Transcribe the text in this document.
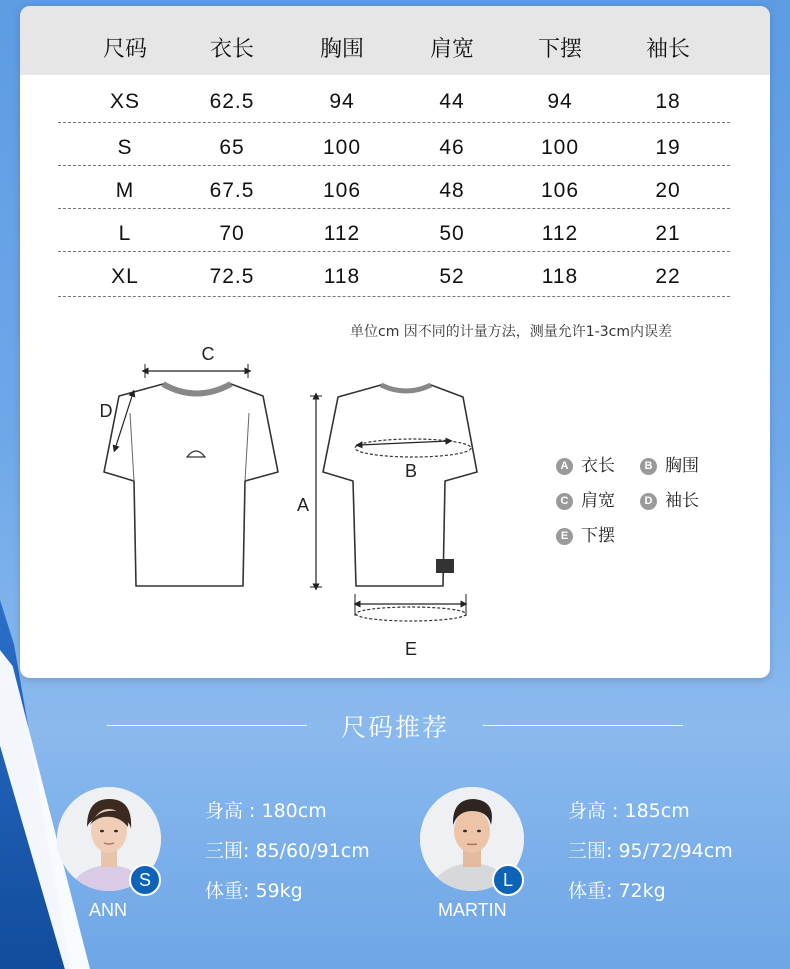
尺码	衣长	胸围	肩宽	下摆	袖长
XS	62.5	94	44	94	18
S	65	100	46	100	19
M	67.5	106	48	106	20
L	70	112	50	112	21
XL	72.5	118	52	118	22
单位cm 因不同的计量方法，测量允许1-3cm内误差
C
D
A
B
E
A 衣长	B 胸围
C 肩宽	D 袖长
E 下摆
尺码推荐
S
ANN
身高 : 180cm
三围: 85/60/91cm
体重: 59kg	L
MARTIN
身高 : 185cm
三围: 95/72/94cm
体重: 72kg
